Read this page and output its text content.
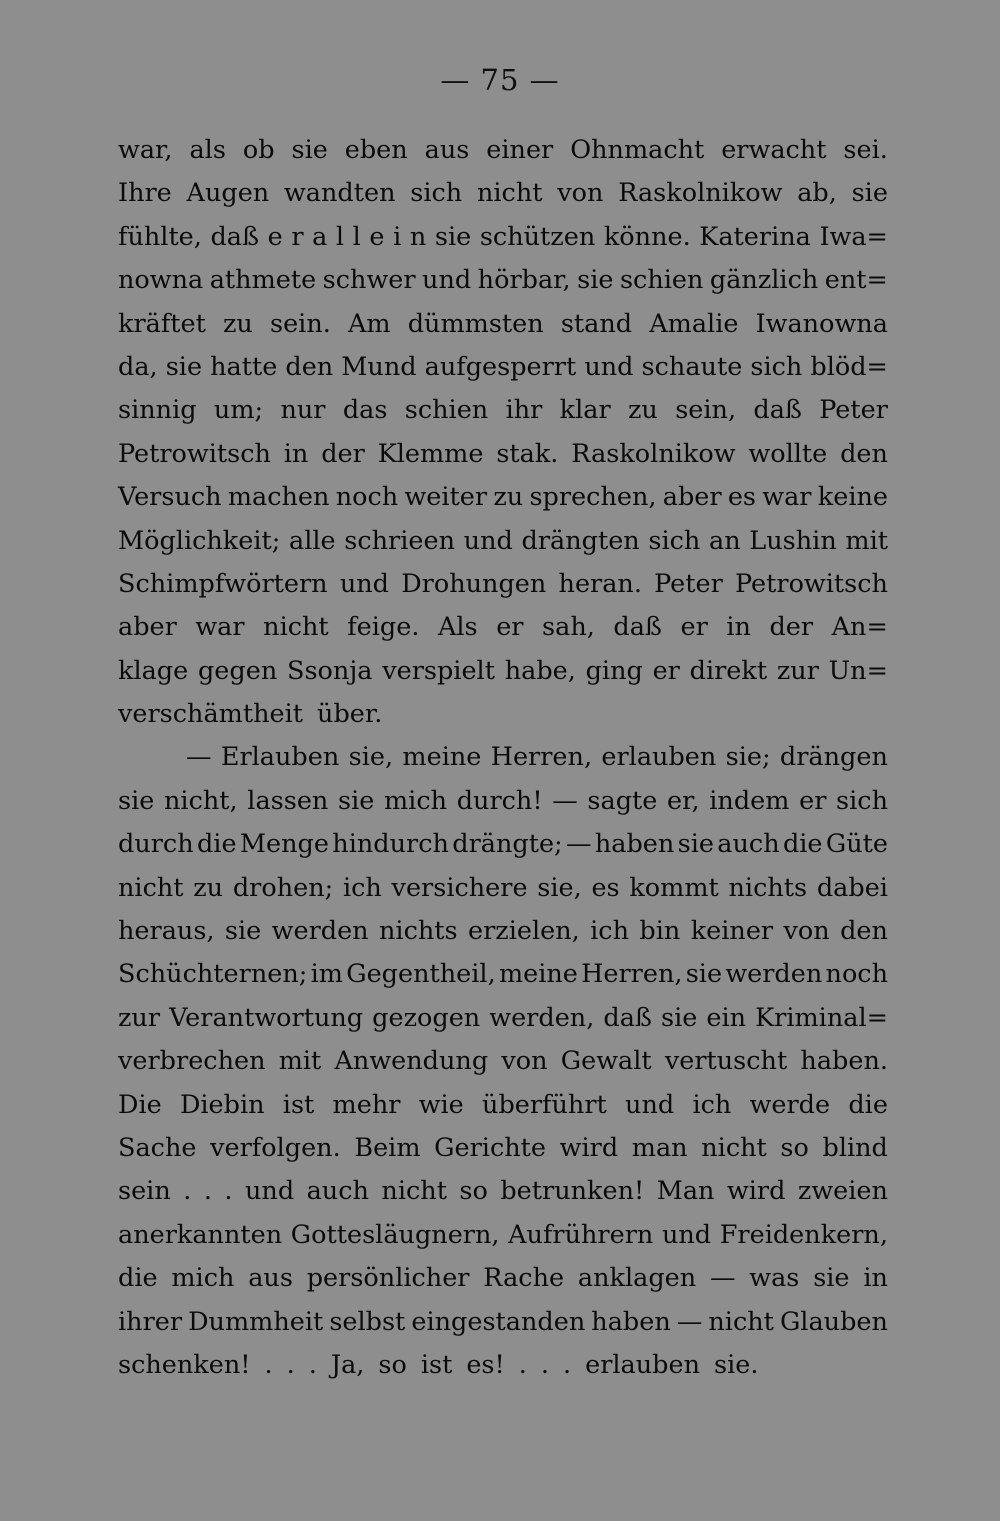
— 75 —
war, als ob sie eben aus einer Ohnmacht erwacht sei.
Ihre Augen wandten sich nicht von Raskolnikow ab, sie
fühlte, daß e r a l l e i n sie schützen könne. Katerina Iwa=
nowna athmete schwer und hörbar, sie schien gänzlich ent=
kräftet zu sein. Am dümmsten stand Amalie Iwanowna
da, sie hatte den Mund aufgesperrt und schaute sich blöd=
sinnig um; nur das schien ihr klar zu sein, daß Peter
Petrowitsch in der Klemme stak. Raskolnikow wollte den
Versuch machen noch weiter zu sprechen, aber es war keine
Möglichkeit; alle schrieen und drängten sich an Lushin mit
Schimpfwörtern und Drohungen heran. Peter Petrowitsch
aber war nicht feige. Als er sah, daß er in der An=
klage gegen Ssonja verspielt habe, ging er direkt zur Un=
verschämtheit über.
— Erlauben sie, meine Herren, erlauben sie; drängen
sie nicht, lassen sie mich durch! — sagte er, indem er sich
durch die Menge hindurch drängte; — haben sie auch die Güte
nicht zu drohen; ich versichere sie, es kommt nichts dabei
heraus, sie werden nichts erzielen, ich bin keiner von den
Schüchternen; im Gegentheil, meine Herren, sie werden noch
zur Verantwortung gezogen werden, daß sie ein Kriminal=
verbrechen mit Anwendung von Gewalt vertuscht haben.
Die Diebin ist mehr wie überführt und ich werde die
Sache verfolgen. Beim Gerichte wird man nicht so blind
sein . . . und auch nicht so betrunken! Man wird zweien
anerkannten Gottesläugnern, Aufrührern und Freidenkern,
die mich aus persönlicher Rache anklagen — was sie in
ihrer Dummheit selbst eingestanden haben — nicht Glauben
schenken! . . . Ja, so ist es! . . . erlauben sie.
